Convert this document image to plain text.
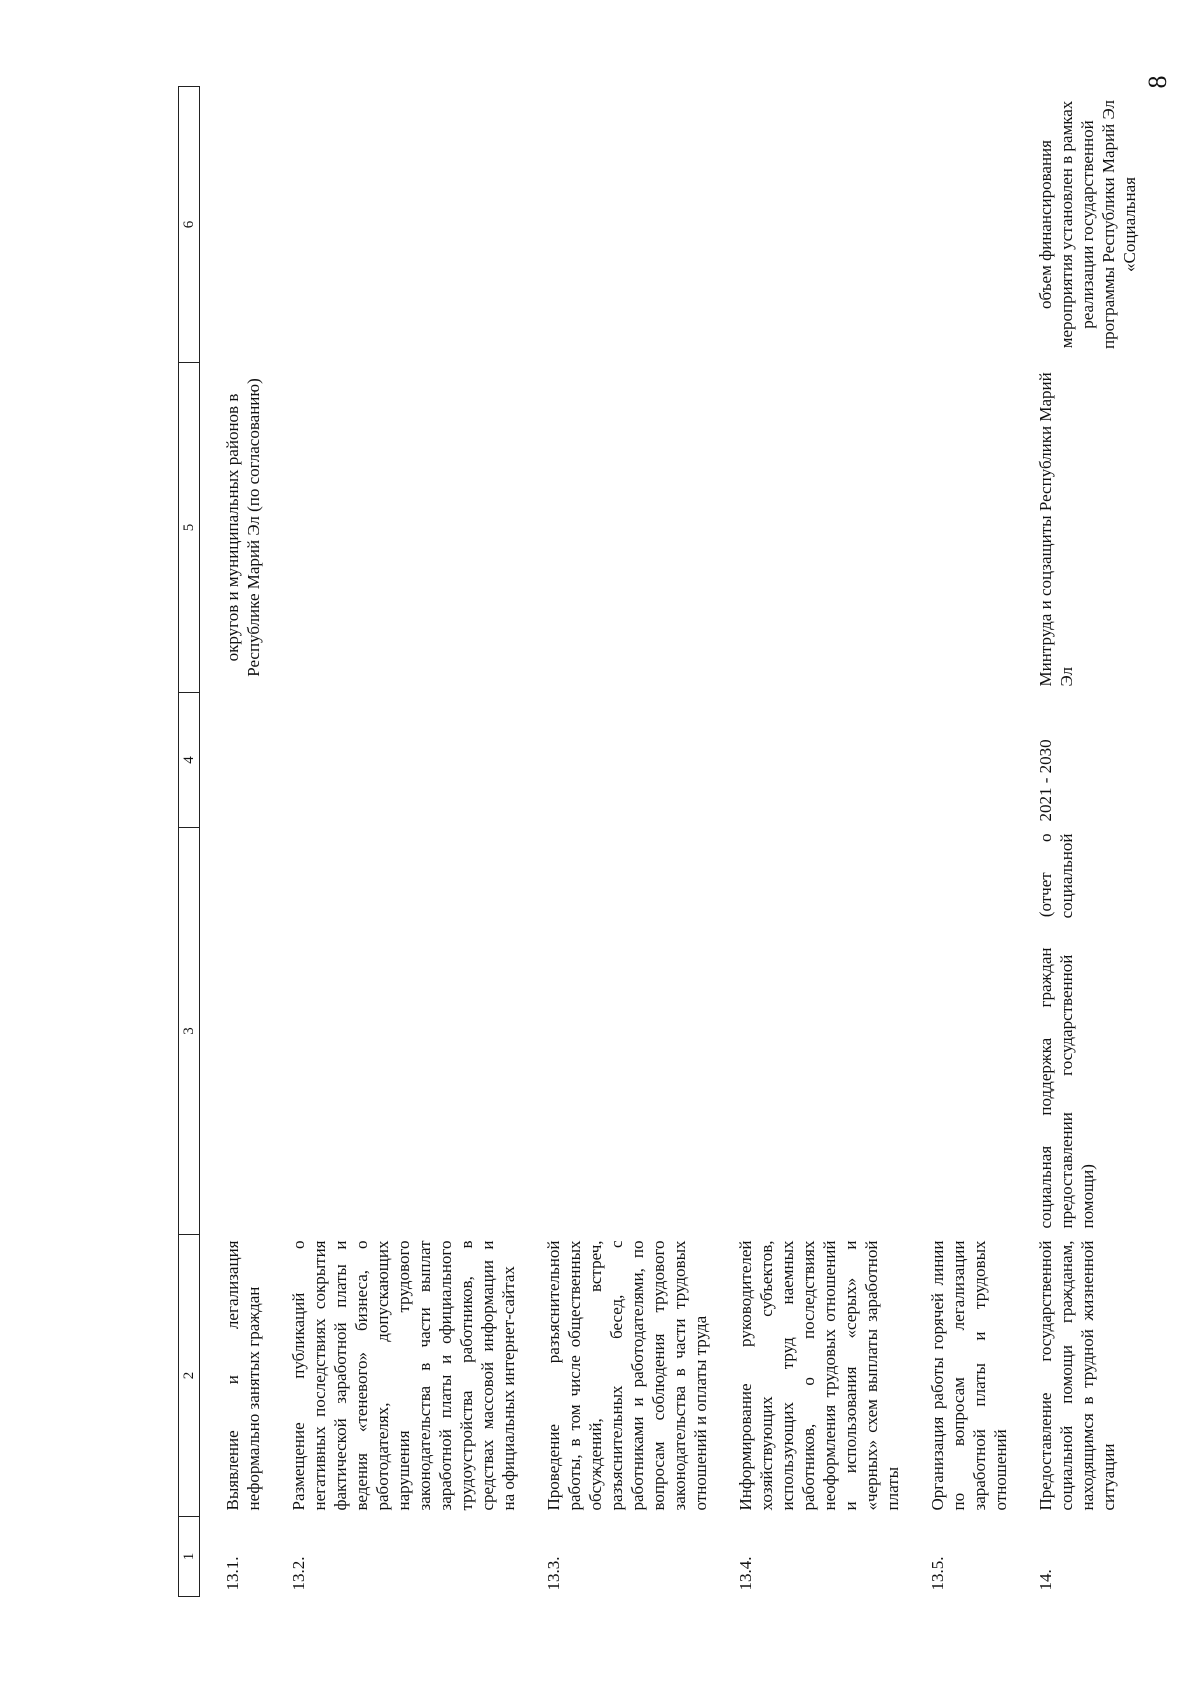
8
1	2	3	4	5	6
13.1.	Выявление и легализация неформально занятых граждан			округов и муниципальных районов в Республике Марий Эл (по согласованию)	
13.2.	Размещение публикаций о негативных последствиях сокрытия фактической заработной платы и ведения «теневого» бизнеса, о работодателях, допускающих нарушения трудового законодательства в части выплат заработной платы и официального трудоустройства работников, в средствах массовой информации и на официальных интернет-сайтах				
13.3.	Проведение разъяснительной работы, в том числе общественных обсуждений, встреч, разъяснительных бесед, с работниками и работодателями, по вопросам соблюдения трудового законодательства в части трудовых отношений и оплаты труда				
13.4.	Информирование руководителей хозяйствующих субъектов, использующих труд наемных работников, о последствиях неоформления трудовых отношений и использования «серых» и «черных» схем выплаты заработной платы				
13.5.	Организация работы горячей линии по вопросам легализации заработной платы и трудовых отношений				
14.	Предоставление государственной социальной помощи гражданам, находящимся в трудной жизненной ситуации	социальная поддержка граждан (отчет о предоставлении государственной социальной помощи)	2021 - 2030	Минтруда и соцзащиты Республики Марий Эл	объем финансирования мероприятия установлен в рамках реализации государственной программы Республики Марий Эл «Социальная
